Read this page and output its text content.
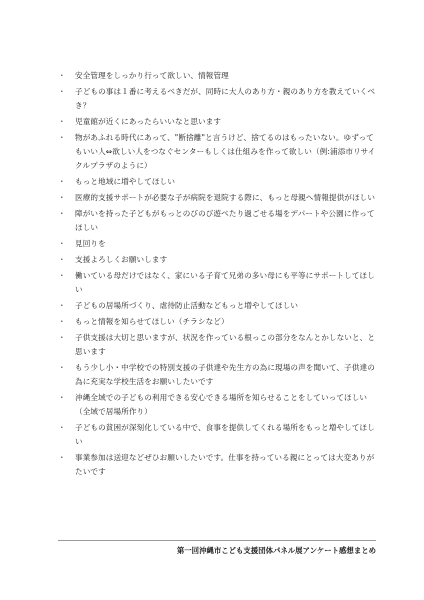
・ 安全管理をしっかり行って欲しい、情報管理
・ 子どもの事は１番に考えるべきだが、同時に大人のあり方・親のあり方を教えていくべき？
・ 児童館が近くにあったらいいなと思います
・ 物があふれる時代にあって、"断捨離"と言うけど、捨てるのはもったいない。ゆずってもいい人⇔欲しい人をつなぐセンターもしくは仕組みを作って欲しい（例:浦添市リサイクルプラザのように）
・ もっと地域に増やしてほしい
・ 医療的支援サポートが必要な子が病院を退院する際に、もっと母親へ情報提供がほしい
・ 障がいを持った子どもがもっとのびのび遊べたり過ごせる場をデパートや公園に作ってほしい
・ 見回りを
・ 支援よろしくお願いします
・ 働いている母だけではなく、家にいる子育て兄弟の多い母にも平等にサポートしてほしい
・ 子どもの居場所づくり、虐待防止活動などもっと増やしてほしい
・ もっと情報を知らせてほしい（チラシなど）
・ 子供支援は大切と思いますが、状況を作っている根っこの部分をなんとかしないと、と思います
・ もう少し小・中学校での特別支援の子供達や先生方の為に現場の声を聞いて、子供達の為に充実な学校生活をお願いしたいです
・ 沖縄全域での子どもの利用できる安心できる場所を知らせることをしていってほしい（全域で居場所作り）
・ 子どもの貧困が深刻化している中で、食事を提供してくれる場所をもっと増やしてほしい
・ 事業参加は送迎などぜひお願いしたいです。仕事を持っている親にとっては大変ありがたいです
第一回沖縄市こども支援団体パネル展アンケート感想まとめ
